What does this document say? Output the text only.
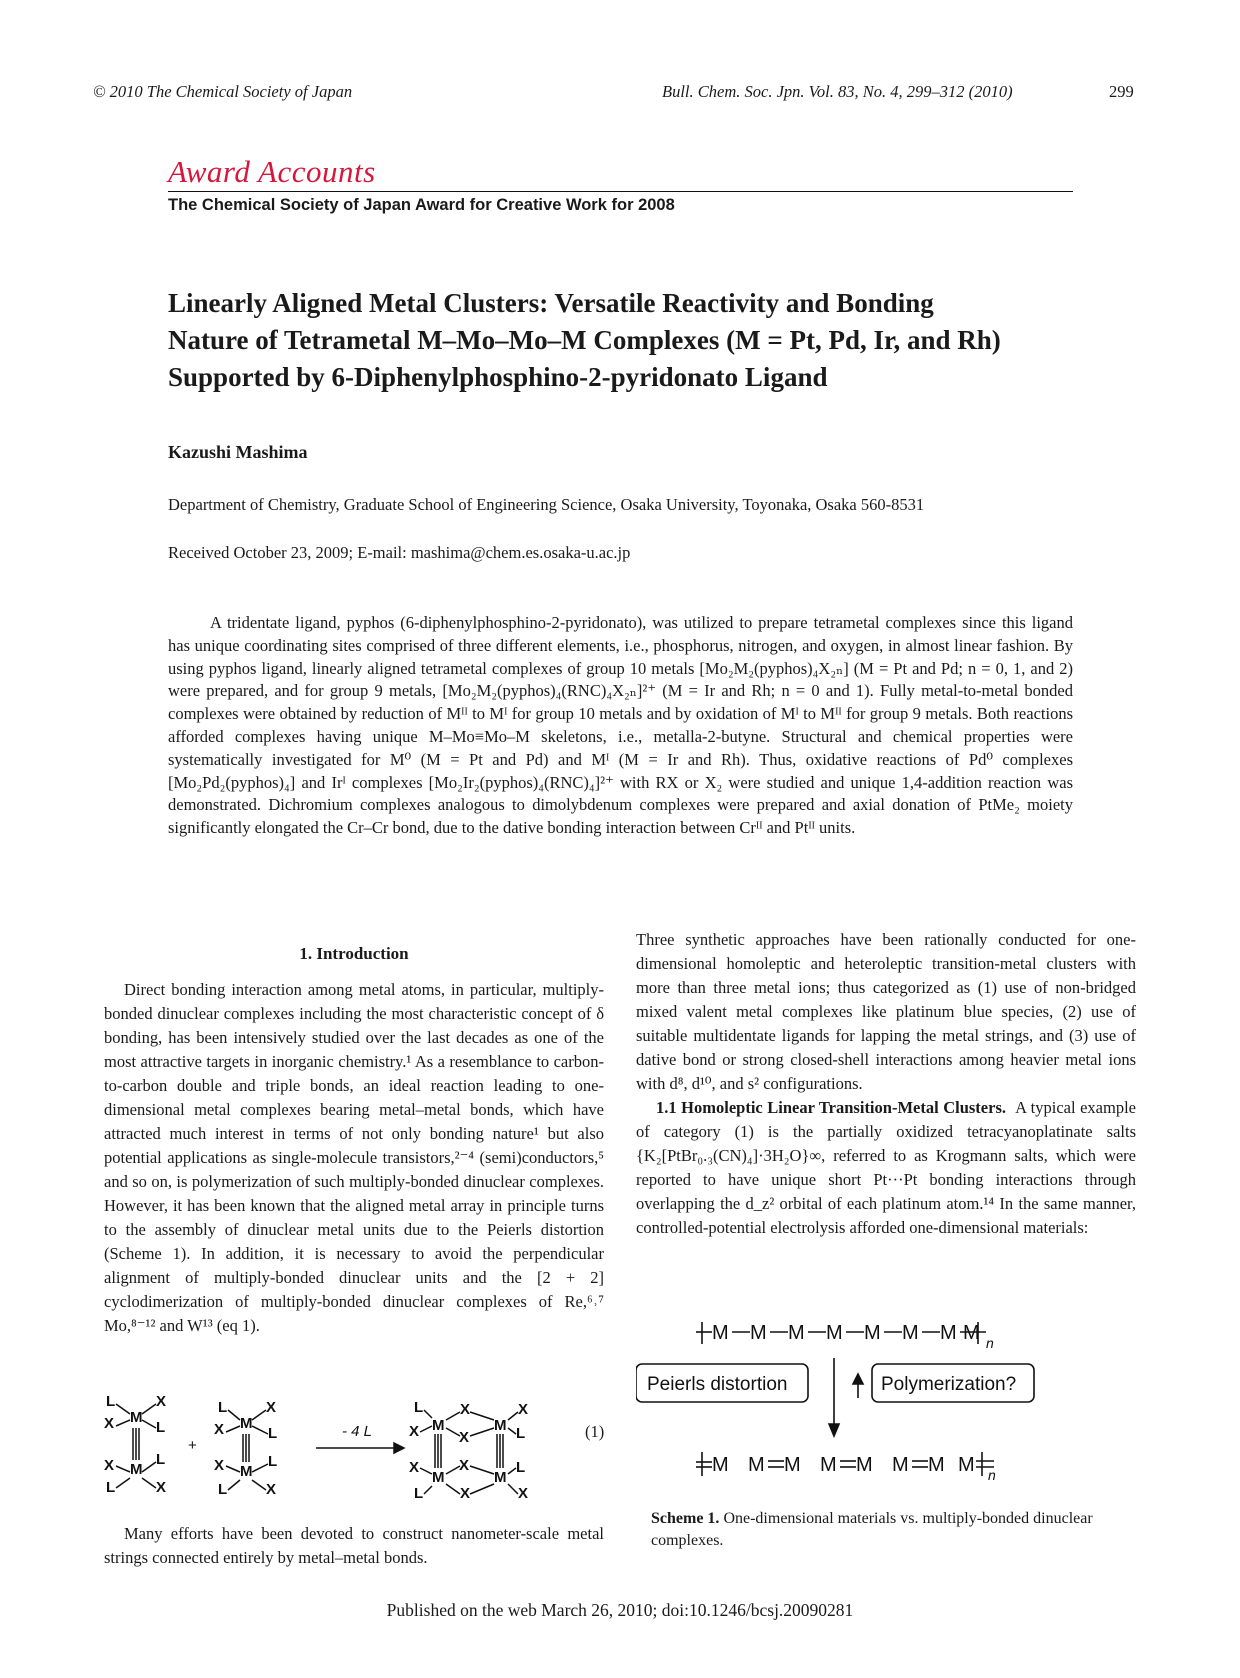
© 2010 The Chemical Society of Japan	Bull. Chem. Soc. Jpn. Vol. 83, No. 4, 299–312 (2010)	299
Award Accounts
The Chemical Society of Japan Award for Creative Work for 2008
Linearly Aligned Metal Clusters: Versatile Reactivity and Bonding
Nature of Tetrametal M–Mo–Mo–M Complexes (M = Pt, Pd, Ir, and Rh)
Supported by 6-Diphenylphosphino-2-pyridonato Ligand
Kazushi Mashima
Department of Chemistry, Graduate School of Engineering Science, Osaka University, Toyonaka, Osaka 560-8531
Received October 23, 2009; E-mail: mashima@chem.es.osaka-u.ac.jp

A tridentate ligand, pyphos (6-diphenylphosphino-2-pyridonato), was utilized to prepare tetrametal complexes since this ligand has unique coordinating sites comprised of three different elements, i.e., phosphorus, nitrogen, and oxygen, in almost linear fashion. By using pyphos ligand, linearly aligned tetrametal complexes of group 10 metals [Mo₂M₂(pyphos)₄X₂ₙ] (M = Pt and Pd; n = 0, 1, and 2) were prepared, and for group 9 metals, [Mo₂M₂(pyphos)₄(RNC)₄X₂ₙ]²⁺ (M = Ir and Rh; n = 0 and 1). Fully metal-to-metal bonded complexes were obtained by reduction of Mᴵᴵ to Mᴵ for group 10 metals and by oxidation of Mᴵ to Mᴵᴵ for group 9 metals. Both reactions afforded complexes having unique M–Mo≡Mo–M skeletons, i.e., metalla-2-butyne. Structural and chemical properties were systematically investigated for M⁰ (M = Pt and Pd) and Mᴵ (M = Ir and Rh). Thus, oxidative reactions of Pd⁰ complexes [Mo₂Pd₂(pyphos)₄] and Irᴵ complexes [Mo₂Ir₂(pyphos)₄(RNC)₄]²⁺ with RX or X₂ were studied and unique 1,4-addition reaction was demonstrated. Dichromium complexes analogous to dimolybdenum complexes were prepared and axial donation of PtMe₂ moiety significantly elongated the Cr–Cr bond, due to the dative bonding interaction between Crᴵᴵ and Ptᴵᴵ units.

1. Introduction

Direct bonding interaction among metal atoms, in particular, multiply-bonded dinuclear complexes including the most characteristic concept of δ bonding, has been intensively studied over the last decades as one of the most attractive targets in inorganic chemistry.¹ As a resemblance to carbon-to-carbon double and triple bonds, an ideal reaction leading to one-dimensional metal complexes bearing metal–metal bonds, which have attracted much interest in terms of not only bonding nature¹ but also potential applications as single-molecule transistors,²⁻⁴ (semi)conductors,⁵ and so on, is polymerization of such multiply-bonded dinuclear complexes. However, it has been known that the aligned metal array in principle turns to the assembly of dinuclear metal units due to the Peierls distortion (Scheme 1). In addition, it is necessary to avoid the perpendicular alignment of multiply-bonded dinuclear units and the [2 + 2] cyclodimerization of multiply-bonded dinuclear complexes of Re,⁶˒⁷ Mo,⁸⁻¹² and W¹³ (eq 1).

L	X
X M
L
X M
L
L	X
+
L	X
X M
L
X M
L
L	X
- 4 L
L X	X
X M	M
X	L
X	X
M	M
L
L X	X
(1)

Many efforts have been devoted to construct nanometer-scale metal strings connected entirely by metal–metal bonds.

Three synthetic approaches have been rationally conducted for one-dimensional homoleptic and heteroleptic transition-metal clusters with more than three metal ions; thus categorized as (1) use of non-bridged mixed valent metal complexes like platinum blue species, (2) use of suitable multidentate ligands for lapping the metal strings, and (3) use of dative bond or strong closed-shell interactions among heavier metal ions with d⁸, d¹⁰, and s² configurations.

1.1 Homoleptic Linear Transition-Metal Clusters. A typical example of category (1) is the partially oxidized tetracyanoplatinate salts {K₂[PtBr₀.₃(CN)₄]·3H₂O}∞, referred to as Krogmann salts, which were reported to have unique short Pt···Pt bonding interactions through overlapping the d_z² orbital of each platinum atom.¹⁴ In the same manner, controlled-potential electrolysis afforded one-dimensional materials:

M M M M M M M M n
Peierls distortion	Polymerization?
M M M M M M M M n
Scheme 1. One-dimensional materials vs. multiply-bonded dinuclear complexes.
Published on the web March 26, 2010; doi:10.1246/bcsj.20090281
